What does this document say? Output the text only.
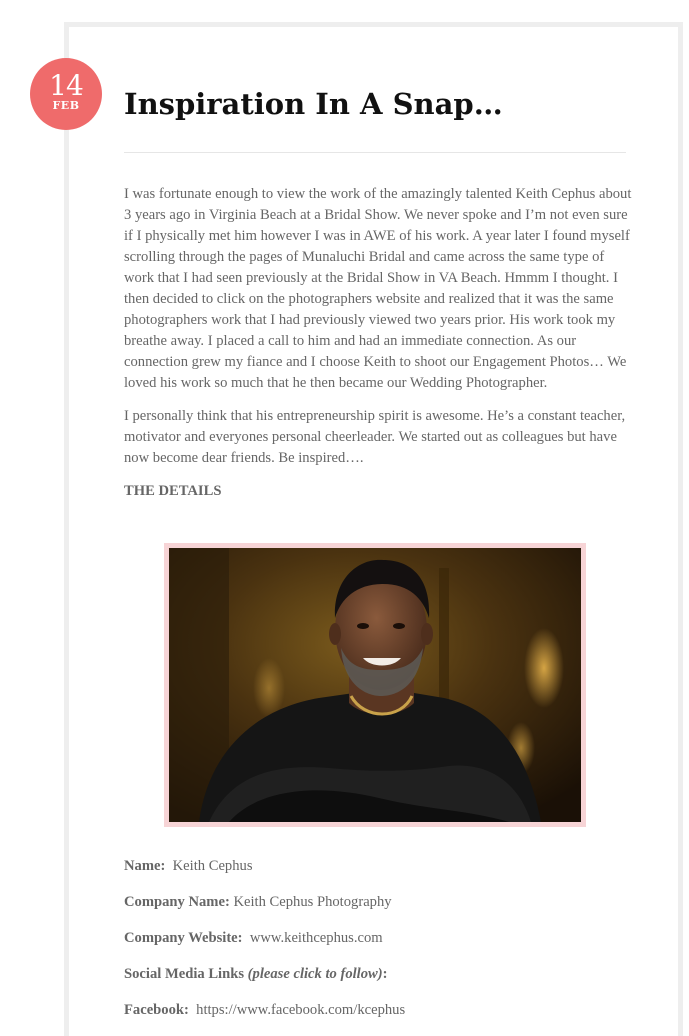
14
FEB	Inspiration In A Snap…

I was fortunate enough to view the work of the amazingly talented Keith Cephus about 3 years ago in Virginia Beach at a Bridal Show. We never spoke and I’m not even sure if I physically met him however I was in AWE of his work. A year later I found myself scrolling through the pages of Munaluchi Bridal and came across the same type of work that I had seen previously at the Bridal Show in VA Beach. Hmmm I thought. I then decided to click on the photographers website and realized that it was the same photographers work that I had previously viewed two years prior. His work took my breathe away. I placed a call to him and had an immediate connection. As our connection grew my fiance and I choose Keith to shoot our Engagement Photos… We loved his work so much that he then became our Wedding Photographer.

I personally think that his entrepreneurship spirit is awesome. He’s a constant teacher, motivator and everyones personal cheerleader. We started out as colleagues but have now become dear friends. Be inspired….

THE DETAILS

Name: Keith Cephus
Company Name: Keith Cephus Photography
Company Website: www.keithcephus.com
Social Media Links (please click to follow):
Facebook: https://www.facebook.com/kcephus
